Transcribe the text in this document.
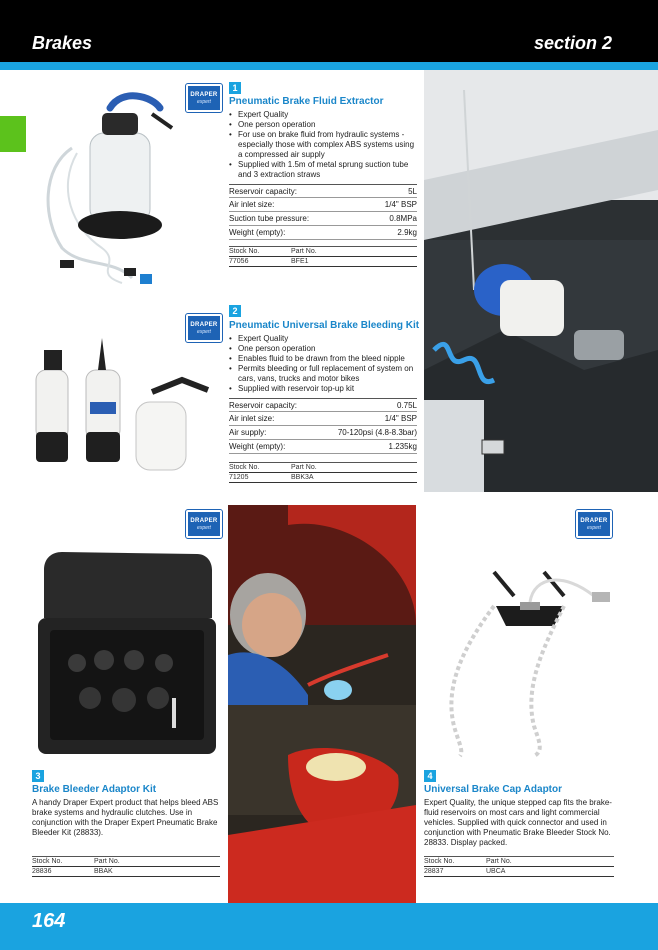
Brakes	section 2
DRAPER
expert
1
Pneumatic Brake Fluid Extractor
• Expert Quality
• One person operation
• For use on brake fluid from hydraulic systems - especially those with complex ABS systems using a compressed air supply
• Supplied with 1.5m of metal sprung suction tube and 3 extraction straws
Reservoir capacity:	5L
Air inlet size:	1/4" BSP
Suction tube pressure:	0.8MPa
Weight (empty):	2.9kg
Stock No.	Part No.
77056	BFE1
DRAPER
expert
2
Pneumatic Universal Brake Bleeding Kit
• Expert Quality
• One person operation
• Enables fluid to be drawn from the bleed nipple
• Permits bleeding or full replacement of system on cars, vans, trucks and motor bikes
• Supplied with reservoir top-up kit
Reservoir capacity:	0.75L
Air inlet size:	1/4" BSP
Air supply:	70-120psi (4.8-8.3bar)
Weight (empty):	1.235kg
Stock No.	Part No.
71205	BBK3A
DRAPER
expert
3
Brake Bleeder Adaptor Kit
A handy Draper Expert product that helps bleed ABS brake systems and hydraulic clutches. Use in conjunction with the Draper Expert Pneumatic Brake Bleeder Kit (28833).
Stock No.	Part No.
28836	BBAK
DRAPER
expert
4
Universal Brake Cap Adaptor
Expert Quality, the unique stepped cap fits the brake-fluid reservoirs on most cars and light commercial vehicles. Supplied with quick connector and used in conjunction with Pneumatic Brake Bleeder Stock No. 28833. Display packed.
Stock No.	Part No.
28837	UBCA
164
